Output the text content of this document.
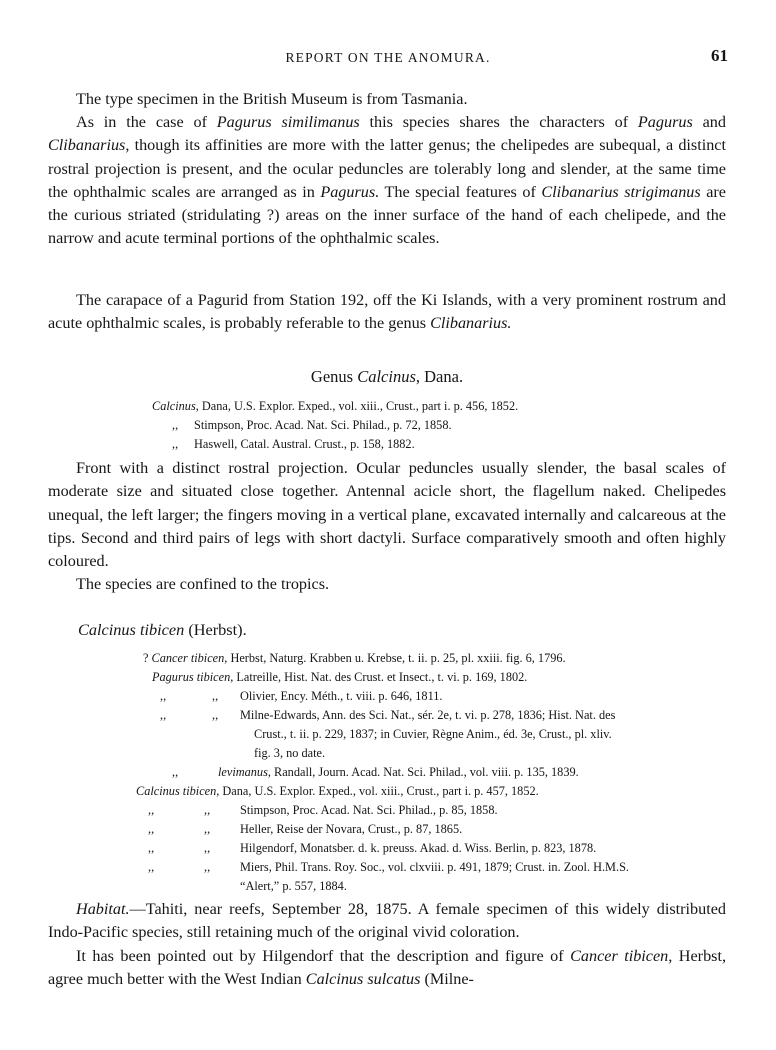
REPORT ON THE ANOMURA.	61

The type specimen in the British Museum is from Tasmania.

As in the case of Pagurus similimanus this species shares the characters of Pagurus and Clibanarius, though its affinities are more with the latter genus; the chelipedes are subequal, a distinct rostral projection is present, and the ocular peduncles are tolerably long and slender, at the same time the ophthalmic scales are arranged as in Pagurus. The special features of Clibanarius strigimanus are the curious striated (stridulating ?) areas on the inner surface of the hand of each chelipede, and the narrow and acute terminal portions of the ophthalmic scales.

The carapace of a Pagurid from Station 192, off the Ki Islands, with a very prominent rostrum and acute ophthalmic scales, is probably referable to the genus Clibanarius.

Genus Calcinus, Dana.
Calcinus, Dana, U.S. Explor. Exped., vol. xiii., Crust., part i. p. 456, 1852.
,, Stimpson, Proc. Acad. Nat. Sci. Philad., p. 72, 1858.
,, Haswell, Catal. Austral. Crust., p. 158, 1882.

Front with a distinct rostral projection. Ocular peduncles usually slender, the basal scales of moderate size and situated close together. Antennal acicle short, the flagellum naked. Chelipedes unequal, the left larger; the fingers moving in a vertical plane, excavated internally and calcareous at the tips. Second and third pairs of legs with short dactyli. Surface comparatively smooth and often highly coloured.

The species are confined to the tropics.

Calcinus tibicen (Herbst).
? Cancer tibicen, Herbst, Naturg. Krabben u. Krebse, t. ii. p. 25, pl. xxiii. fig. 6, 1796.
Pagurus tibicen, Latreille, Hist. Nat. des Crust. et Insect., t. vi. p. 169, 1802.
,,	,, Olivier, Ency. Méth., t. viii. p. 646, 1811.
,,	,, Milne-Edwards, Ann. des Sci. Nat., sér. 2e, t. vi. p. 278, 1836; Hist. Nat. des
Crust., t. ii. p. 229, 1837; in Cuvier, Règne Anim., éd. 3e, Crust., pl. xliv.
fig. 3, no date.
,,	levimanus, Randall, Journ. Acad. Nat. Sci. Philad., vol. viii. p. 135, 1839.
Calcinus tibicen, Dana, U.S. Explor. Exped., vol. xiii., Crust., part i. p. 457, 1852.
,,	,, Stimpson, Proc. Acad. Nat. Sci. Philad., p. 85, 1858.
,,	,, Heller, Reise der Novara, Crust., p. 87, 1865.
,,	,, Hilgendorf, Monatsber. d. k. preuss. Akad. d. Wiss. Berlin, p. 823, 1878.
,,	,, Miers, Phil. Trans. Roy. Soc., vol. clxviii. p. 491, 1879; Crust. in. Zool. H.M.S.
“Alert,” p. 557, 1884.

Habitat.—Tahiti, near reefs, September 28, 1875. A female specimen of this widely distributed Indo-Pacific species, still retaining much of the original vivid coloration.

It has been pointed out by Hilgendorf that the description and figure of Cancer tibicen, Herbst, agree much better with the West Indian Calcinus sulcatus (Milne-
